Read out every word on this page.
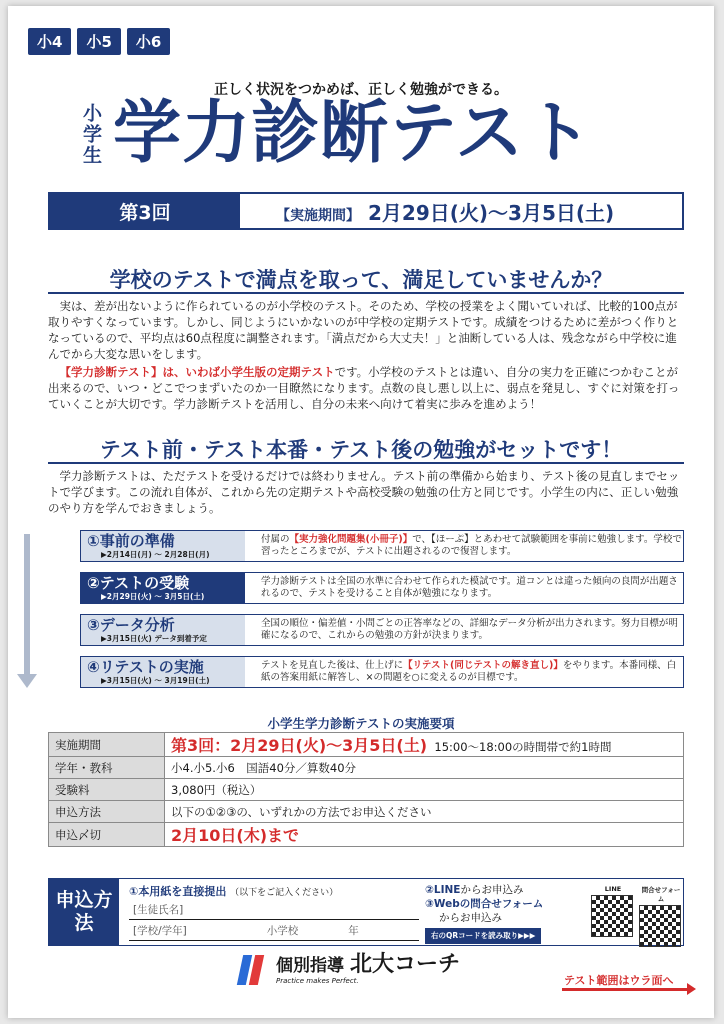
小4	小5	小6
正しく状況をつかめば、正しく勉強ができる。
小学生 学力診断テスト
第3回	【実施期間】 2月29日(火)〜3月5日(土)
学校のテストで満点を取って、満足していませんか？

実は、差が出ないように作られているのが小学校のテスト。そのため、学校の授業をよく聞いていれば、比較的100点が取りやすくなっています。しかし、同じようにいかないのが中学校の定期テストです。成績をつけるために差がつく作りとなっているので、平均点は60点程度に調整されます。「満点だから大丈夫！」と油断している人は、残念ながら中学校に進んでから大変な思いをします。

【学力診断テスト】は、いわば小学生版の定期テストです。小学校のテストとは違い、自分の実力を正確につかむことが出来るので、いつ・どこでつまずいたのか一目瞭然になります。点数の良し悪し以上に、弱点を発見し、すぐに対策を打っていくことが大切です。学力診断テストを活用し、自分の未来へ向けて着実に歩みを進めよう！

テスト前・テスト本番・テスト後の勉強がセットです！

学力診断テストは、ただテストを受けるだけでは終わりません。テスト前の準備から始まり、テスト後の見直しまでセットで学びます。この流れ自体が、これから先の定期テストや高校受験の勉強の仕方と同じです。小学生の内に、正しい勉強のやり方を学んでおきましょう。

①事前の準備
▶2月14日(月) 〜 2月28日(月)
付属の【実力強化問題集(小冊子)】で、【ほーぷ】とあわせて試験範囲を事前に勉強します。学校で習ったところまでが、テストに出題されるので復習します。
②テストの受験
▶2月29日(火) 〜 3月5日(土)
学力診断テストは全国の水準に合わせて作られた模試です。道コンとは違った傾向の良問が出題されるので、テストを受けること自体が勉強になります。
③データ分析
▶3月15日(火) データ到着予定
全国の順位・偏差値・小問ごとの正答率などの、詳細なデータ分析が出力されます。努力目標が明確になるので、これからの勉強の方針が決まります。
④リテストの実施
▶3月15日(火) 〜 3月19日(土)
テストを見直した後は、仕上げに【リテスト(同じテストの解き直し)】をやります。本番同様、白紙の答案用紙に解答し、×の問題を○に変えるのが目標です。
小学生学力診断テストの実施要項
実施期間	第3回：2月29日(火)〜3月5日(土) 15:00〜18:00の時間帯で約1時間
学年・教科	小4.小5.小6　国語40分／算数40分
受験料	3,080円（税込）
申込方法	以下の①②③の、いずれかの方法でお申込ください
申込〆切	2月10日(木)まで
申込方法
①本用紙を直接提出 （以下をご記入ください）
[生徒氏名]
[学校/学年]	小学校	年
②LINEからお申込み
③Webの問合せフォーム
からお申込み
右のQRコードを読み取り▶▶▶
LINE	問合せフォーム
個別指導 北大コーチ
Practice makes Perfect.	テスト範囲はウラ面へ
